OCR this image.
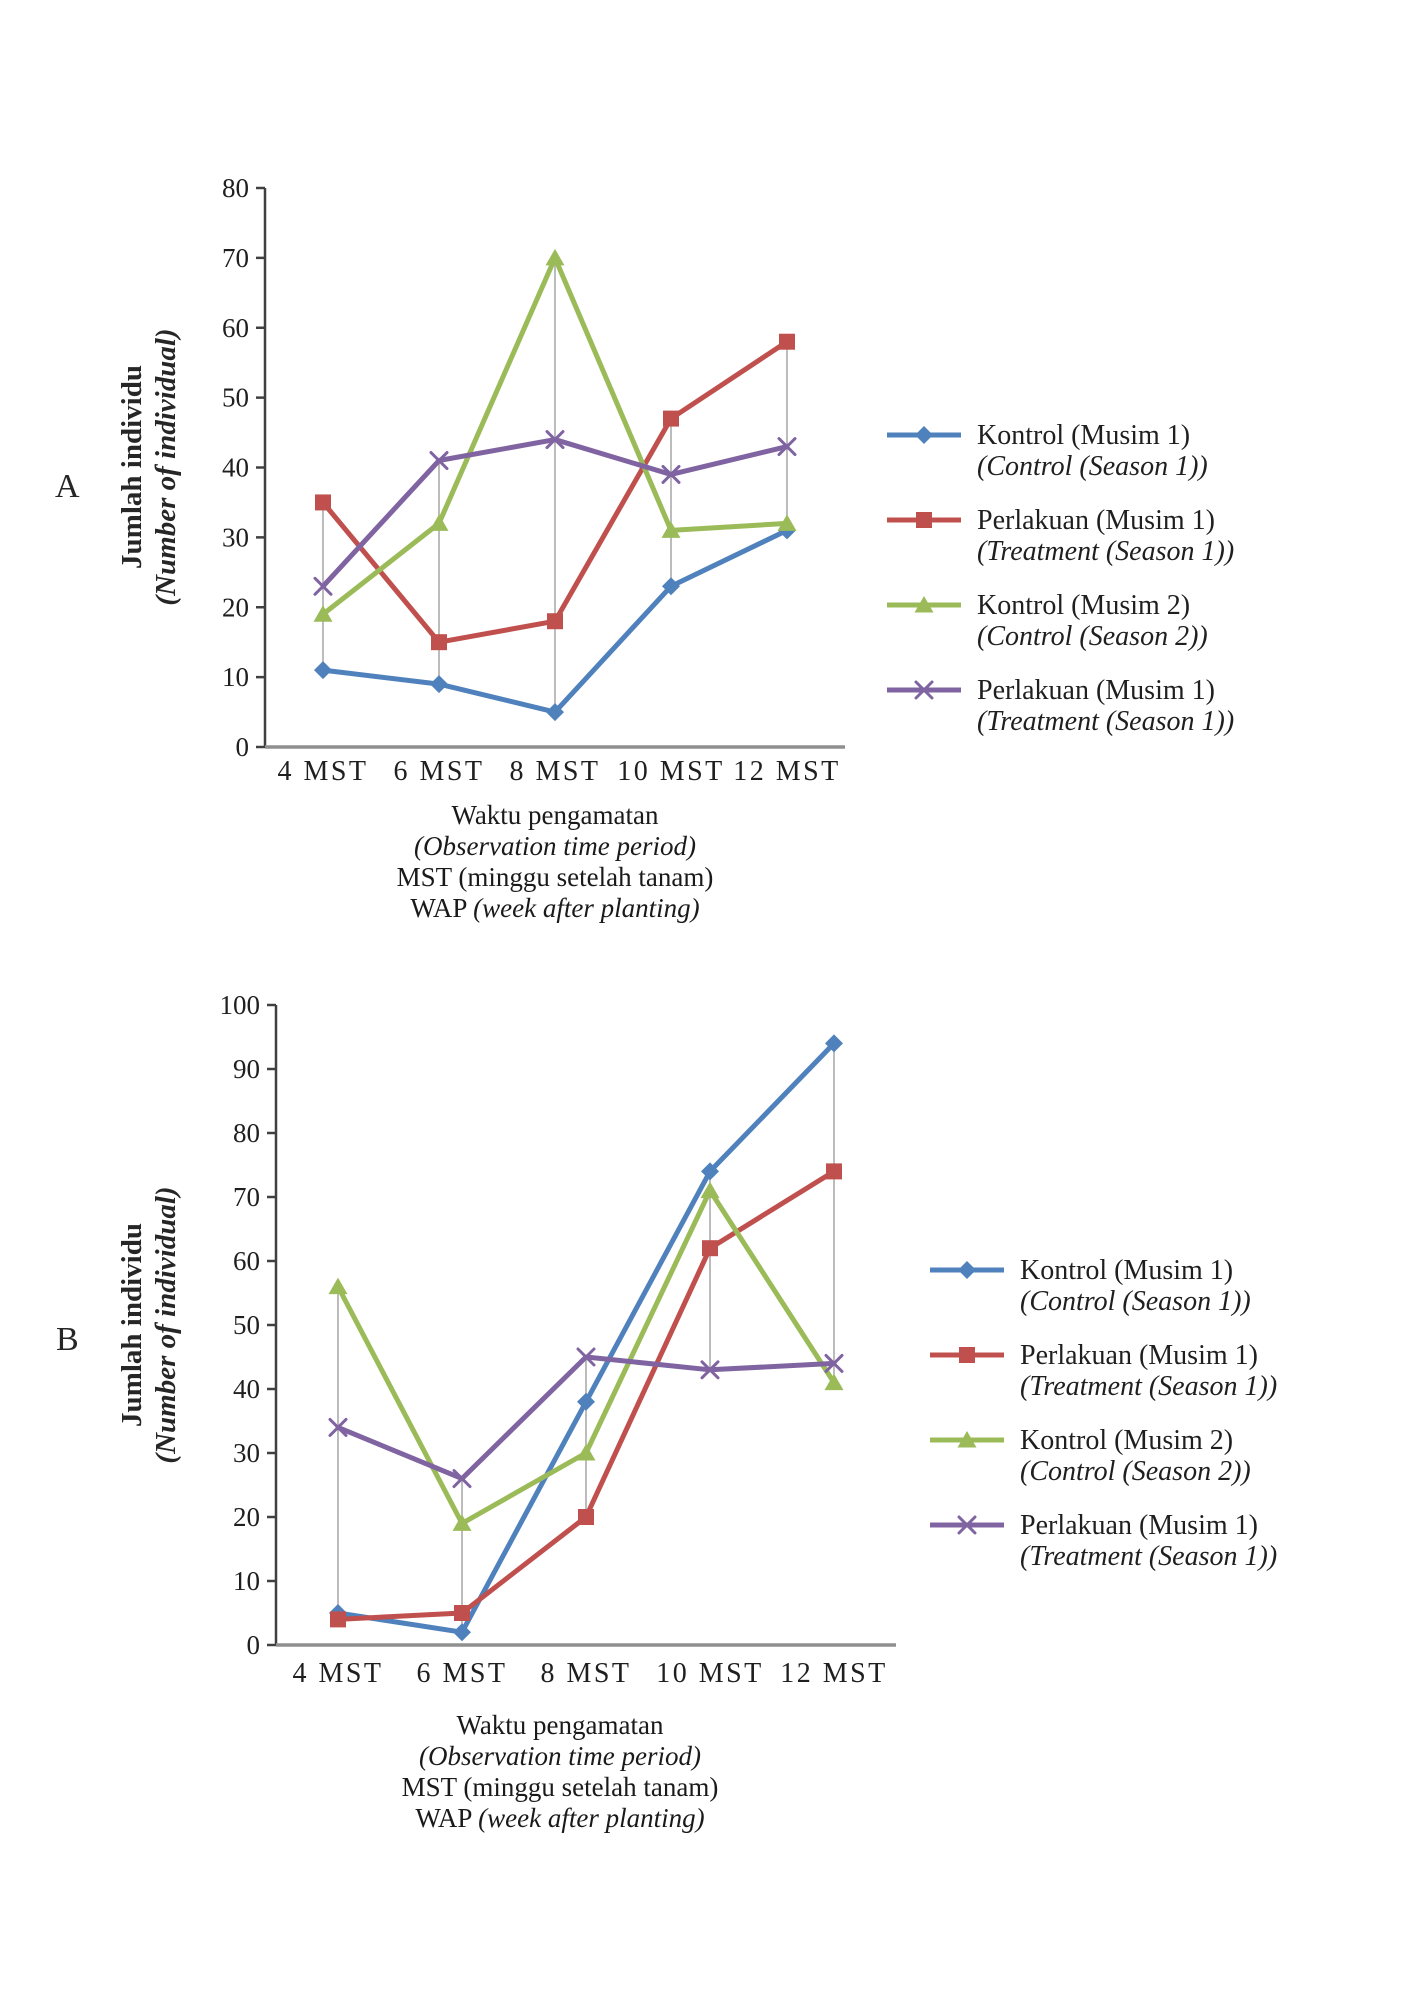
A Jumlah individu (Number of individual)
0
10
20
30
40
50
60
70
80
4 MST 6 MST 8 MST 10 MST 12 MST
Waktu pengamatan
(Observation time period)
MST (minggu setelah tanam)
WAP (week after planting)
Kontrol (Musim 1)
(Control (Season 1))
Perlakuan (Musim 1)
(Treatment (Season 1))
Kontrol (Musim 2)
(Control (Season 2))
Perlakuan (Musim 1)
(Treatment (Season 1))
B Jumlah individu (Number of individual)
0
10
20
30
40
50
60
70
80
90
100
4 MST 6 MST 8 MST 10 MST 12 MST
Waktu pengamatan
(Observation time period)
MST (minggu setelah tanam)
WAP (week after planting)
Kontrol (Musim 1)
(Control (Season 1))
Perlakuan (Musim 1)
(Treatment (Season 1))
Kontrol (Musim 2)
(Control (Season 2))
Perlakuan (Musim 1)
(Treatment (Season 1))
